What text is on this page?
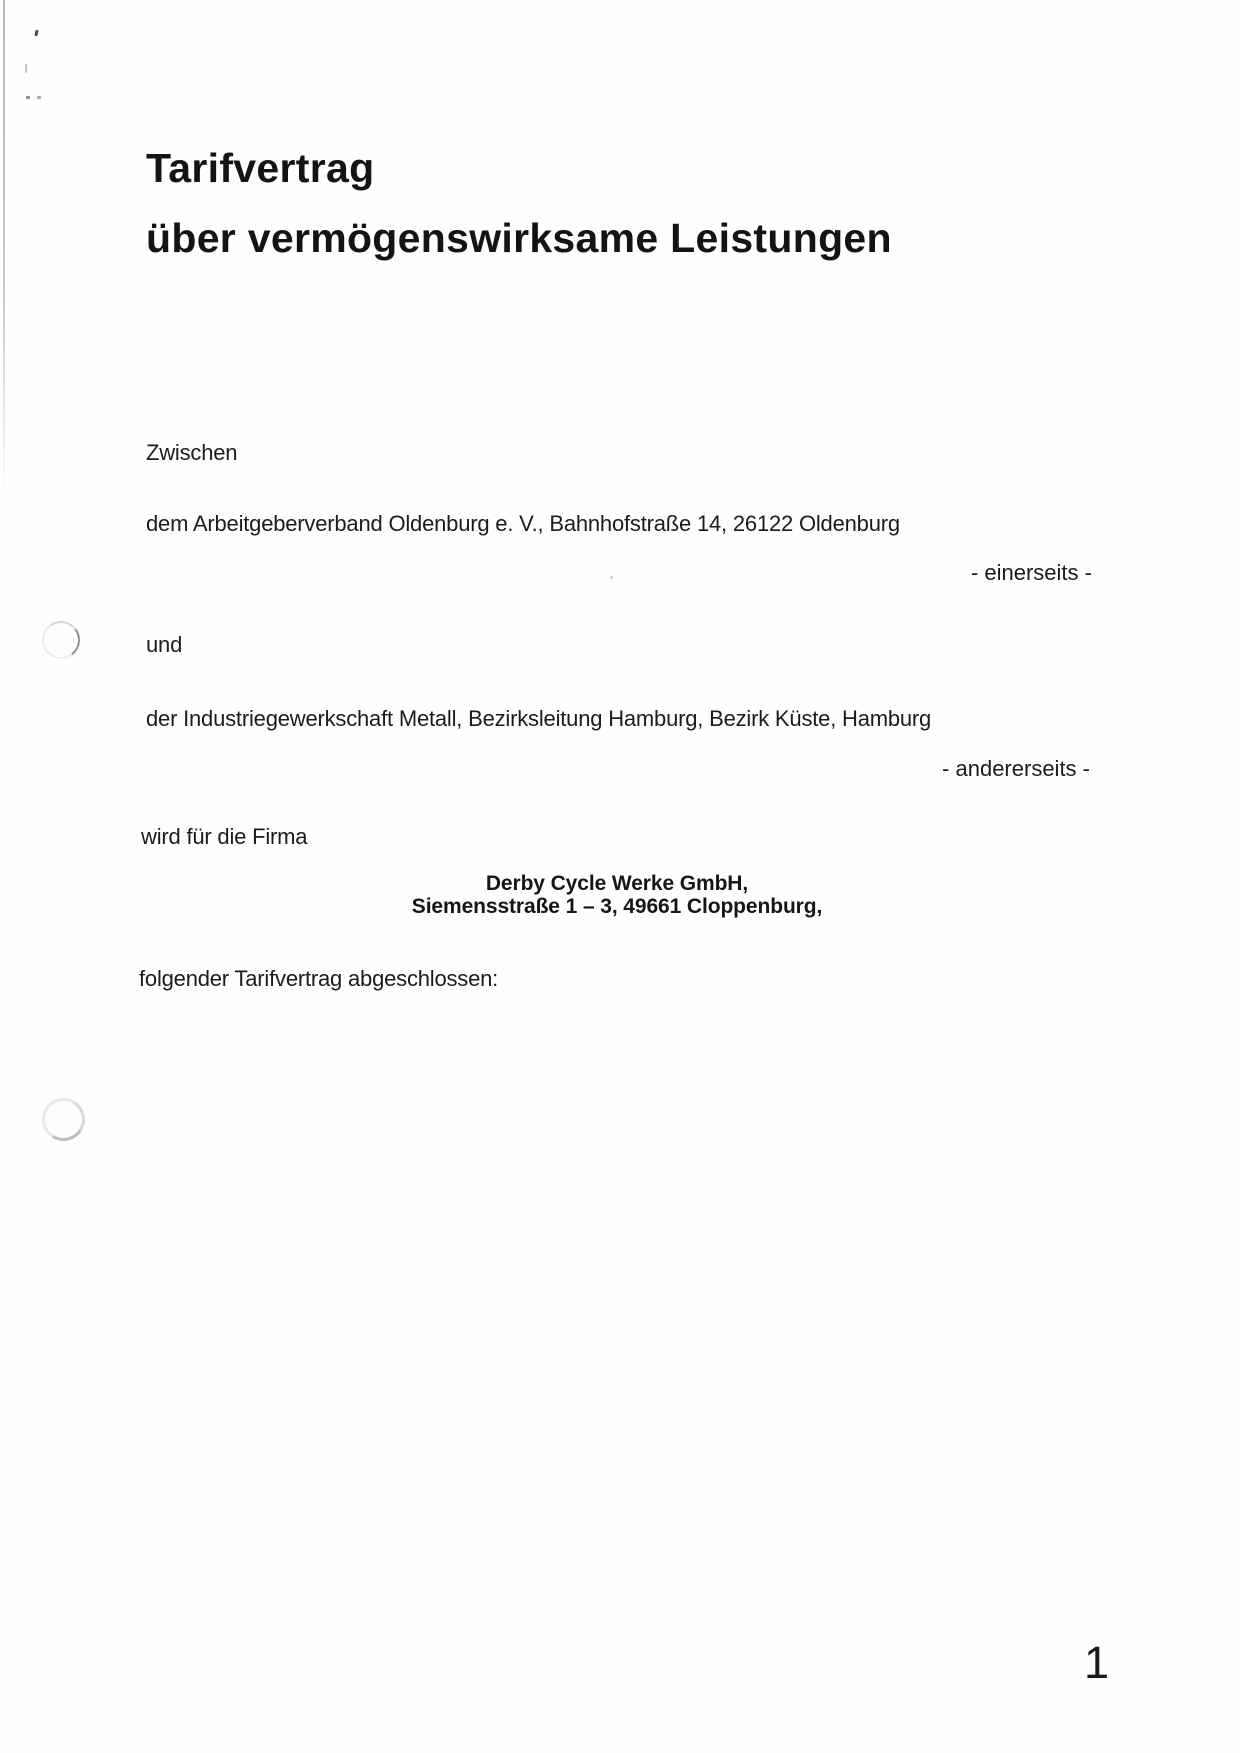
Tarifvertrag
über vermögenswirksame Leistungen
Zwischen
dem Arbeitgeberverband Oldenburg e. V., Bahnhofstraße 14, 26122 Oldenburg
- einerseits -
und
der Industriegewerkschaft Metall, Bezirksleitung Hamburg, Bezirk Küste, Hamburg
- andererseits -
wird für die Firma
Derby Cycle Werke GmbH,
Siemensstraße 1 – 3, 49661 Cloppenburg,
folgender Tarifvertrag abgeschlossen:
1
